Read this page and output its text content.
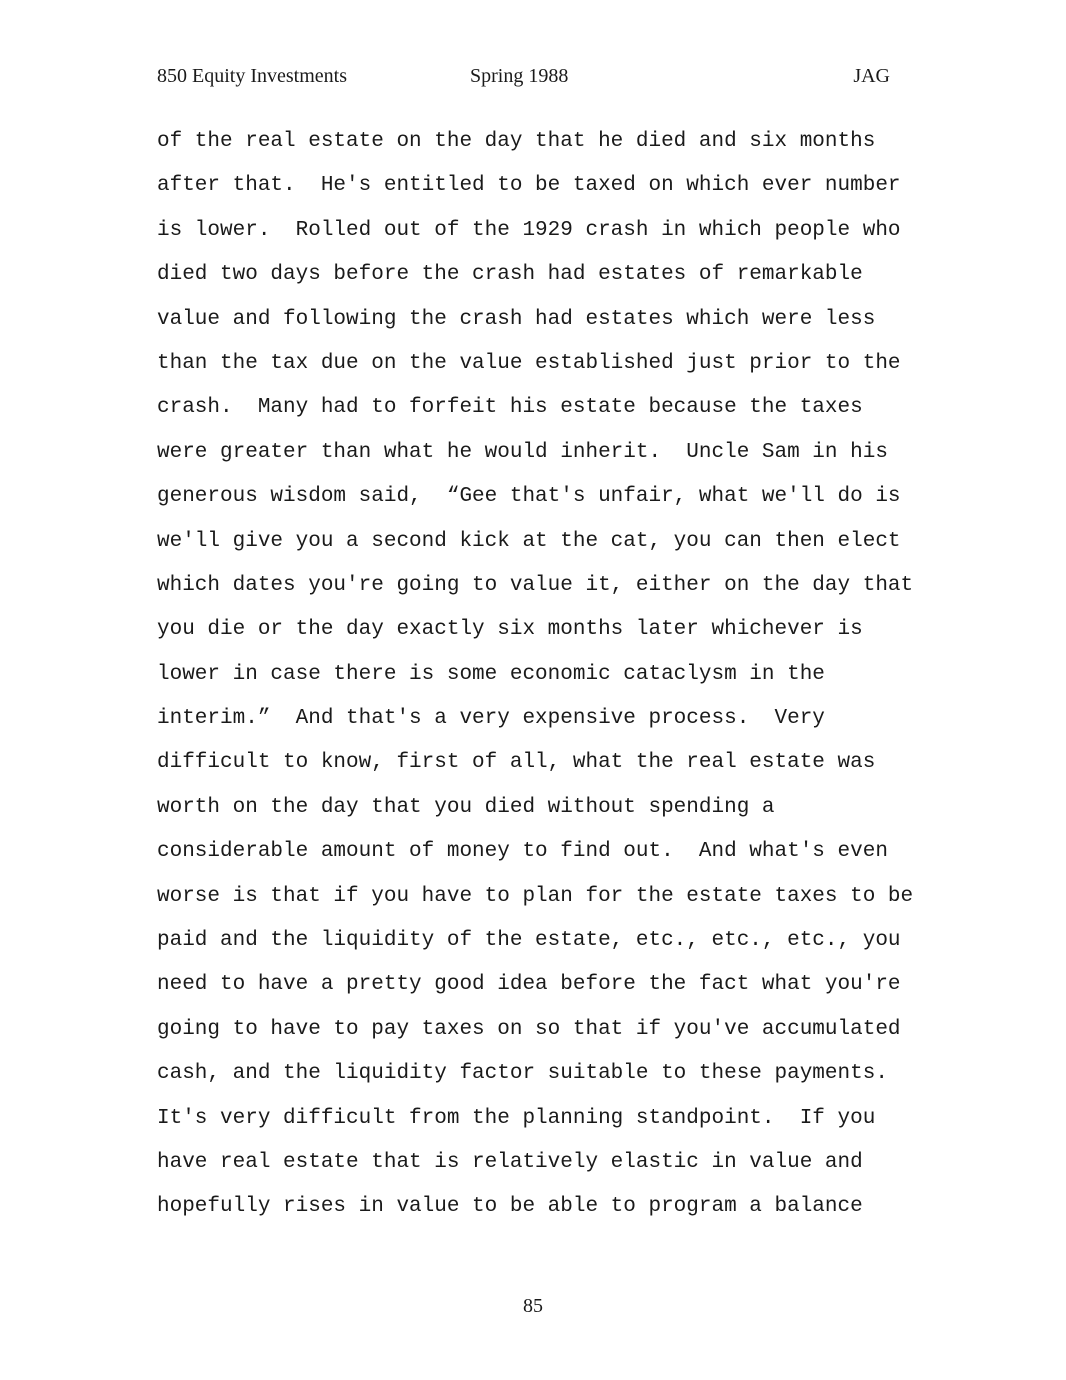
850 Equity Investments	Spring 1988	JAG
of the real estate on the day that he died and six months
after that.  He's entitled to be taxed on which ever number
is lower.  Rolled out of the 1929 crash in which people who
died two days before the crash had estates of remarkable
value and following the crash had estates which were less
than the tax due on the value established just prior to the
crash.  Many had to forfeit his estate because the taxes
were greater than what he would inherit.  Uncle Sam in his
generous wisdom said,  “Gee that's unfair, what we'll do is
we'll give you a second kick at the cat, you can then elect
which dates you're going to value it, either on the day that
you die or the day exactly six months later whichever is
lower in case there is some economic cataclysm in the
interim.”  And that's a very expensive process.  Very
difficult to know, first of all, what the real estate was
worth on the day that you died without spending a
considerable amount of money to find out.  And what's even
worse is that if you have to plan for the estate taxes to be
paid and the liquidity of the estate, etc., etc., etc., you
need to have a pretty good idea before the fact what you're
going to have to pay taxes on so that if you've accumulated
cash, and the liquidity factor suitable to these payments.
It's very difficult from the planning standpoint.  If you
have real estate that is relatively elastic in value and
hopefully rises in value to be able to program a balance
85
